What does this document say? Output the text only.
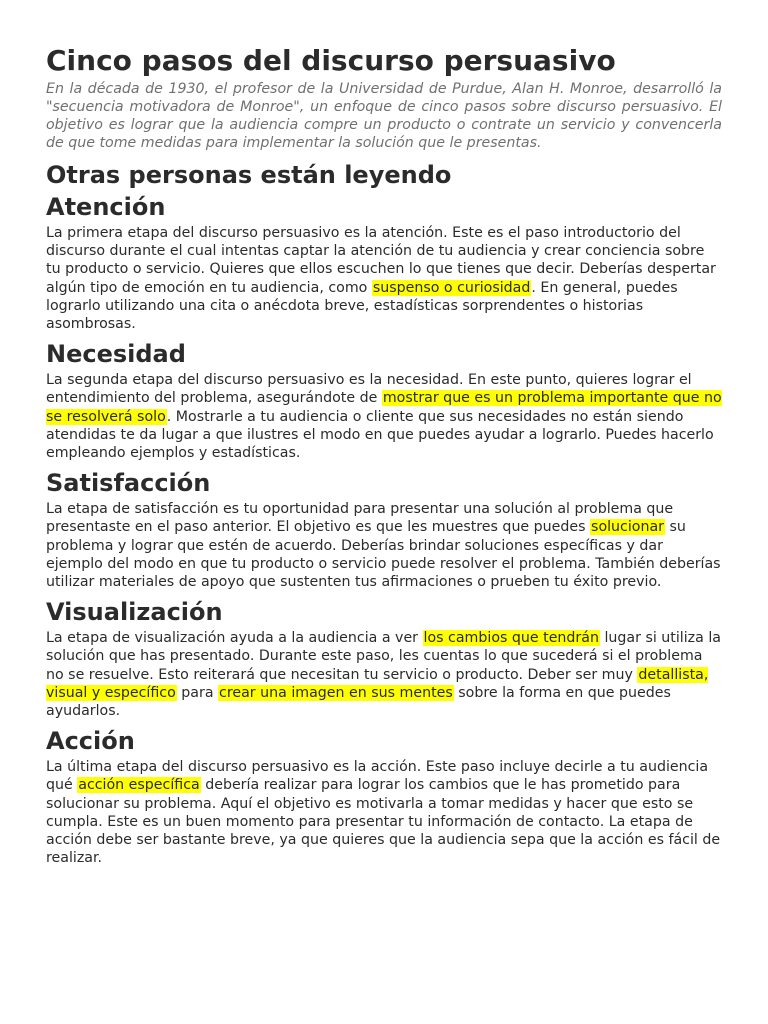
Cinco pasos del discurso persuasivo

En la década de 1930, el profesor de la Universidad de Purdue, Alan H. Monroe, desarrolló la "secuencia motivadora de Monroe", un enfoque de cinco pasos sobre discurso persuasivo. El objetivo es lograr que la audiencia compre un producto o contrate un servicio y convencerla de que tome medidas para implementar la solución que le presentas.

Otras personas están leyendo
Atención

La primera etapa del discurso persuasivo es la atención. Este es el paso introductorio del discurso durante el cual intentas captar la atención de tu audiencia y crear conciencia sobre tu producto o servicio. Quieres que ellos escuchen lo que tienes que decir. Deberías despertar algún tipo de emoción en tu audiencia, como suspenso o curiosidad. En general, puedes lograrlo utilizando una cita o anécdota breve, estadísticas sorprendentes o historias asombrosas.

Necesidad

La segunda etapa del discurso persuasivo es la necesidad. En este punto, quieres lograr el entendimiento del problema, asegurándote de mostrar que es un problema importante que no se resolverá solo. Mostrarle a tu audiencia o cliente que sus necesidades no están siendo atendidas te da lugar a que ilustres el modo en que puedes ayudar a lograrlo. Puedes hacerlo empleando ejemplos y estadísticas.

Satisfacción

La etapa de satisfacción es tu oportunidad para presentar una solución al problema que presentaste en el paso anterior. El objetivo es que les muestres que puedes solucionar su problema y lograr que estén de acuerdo. Deberías brindar soluciones específicas y dar ejemplo del modo en que tu producto o servicio puede resolver el problema. También deberías utilizar materiales de apoyo que sustenten tus afirmaciones o prueben tu éxito previo.

Visualización

La etapa de visualización ayuda a la audiencia a ver los cambios que tendrán lugar si utiliza la solución que has presentado. Durante este paso, les cuentas lo que sucederá si el problema no se resuelve. Esto reiterará que necesitan tu servicio o producto. Deber ser muy detallista, visual y específico para crear una imagen en sus mentes sobre la forma en que puedes ayudarlos.

Acción

La última etapa del discurso persuasivo es la acción. Este paso incluye decirle a tu audiencia qué acción específica debería realizar para lograr los cambios que le has prometido para solucionar su problema. Aquí el objetivo es motivarla a tomar medidas y hacer que esto se cumpla. Este es un buen momento para presentar tu información de contacto. La etapa de acción debe ser bastante breve, ya que quieres que la audiencia sepa que la acción es fácil de realizar.
